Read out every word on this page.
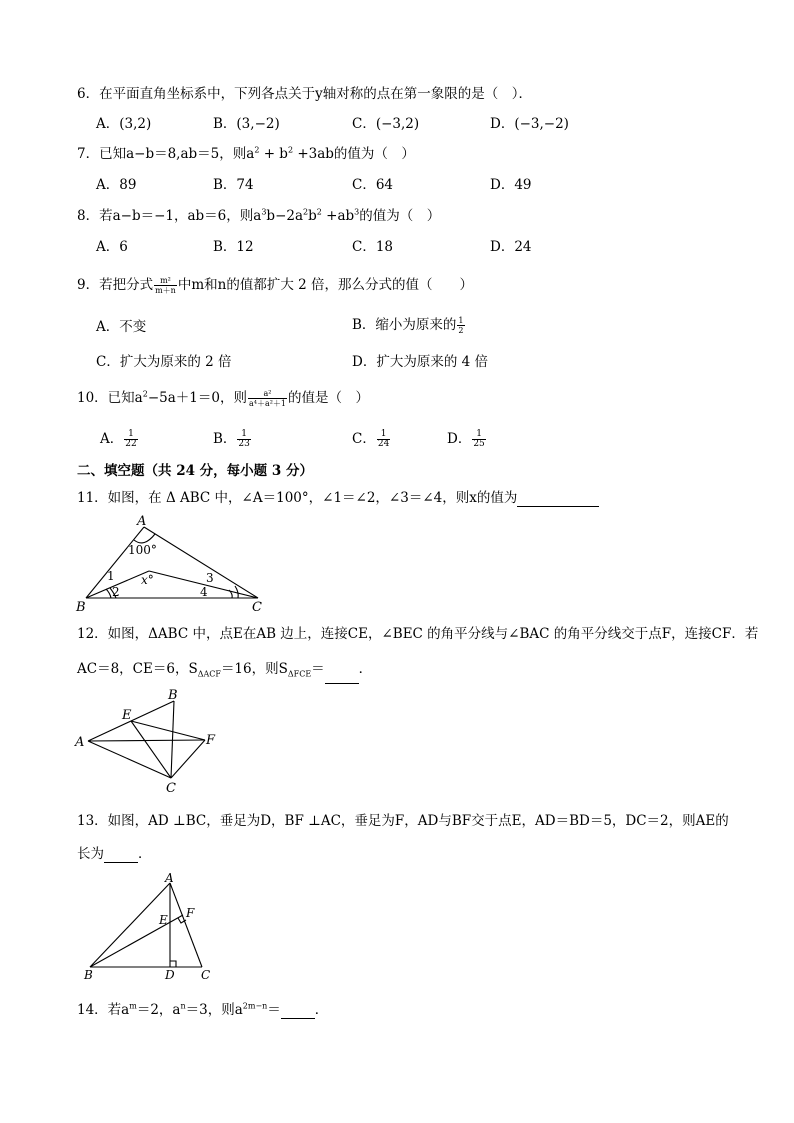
6．在平面直角坐标系中，下列各点关于y轴对称的点在第一象限的是（　）．
A．(3,2)	B．(3,−2)	C．(−3,2)	D．(−3,−2)
7．已知a−b＝8,ab＝5，则$a^2 + b^2 +3ab$的值为（　）
A．89	B．74	C．64	D．49
8．若a−b＝−1，ab＝6，则$a^3b-2a^2b^2 +ab^3$的值为（　）
A．6	B．12	C．18	D．24
9．若把分式 $\frac{\text{m²}}{m+n}$ 中m和n的值都扩大 2 倍，那么分式的值（　　）
A．不变	B．缩小为原来的 $\frac{1}{2}$
C．扩大为原来的 2 倍	D．扩大为原来的 4 倍
10．已知$a^2-5a+1=0$，则 $\frac{\text{a²}}{\text{a⁴＋a²＋1}}$ 的值是（　）
A． $\frac{1}{22}$	B． $\frac{1}{23}$	C． $\frac{1}{24}$	D． $\frac{1}{25}$
二、填空题（共 24 分，每小题 3 分）
11．如图，在 Δ ABC 中，∠A＝100°，∠1＝∠2，∠3＝∠4，则x的值为
A
B	C
100°
x°
1
2
3
4
12．如图，ΔABC 中，点E在AB 边上，连接CE，∠BEC 的角平分线与∠BAC 的角平分线交于点F，连接CF．若
AC＝8，CE＝6，$S_{\Delta ACF}=16$，则$S_{\Delta FCE}=$	．
A
B
C
E
F
13．如图，AD ⊥BC，垂足为D，BF ⊥AC，垂足为F，AD与BF交于点E，AD＝BD＝5，DC＝2，则AE的
长为	．
A
B	C
D
E F
14．若$a^m=2$，$a^n=3$，则$a^{2m-n}=$	．
